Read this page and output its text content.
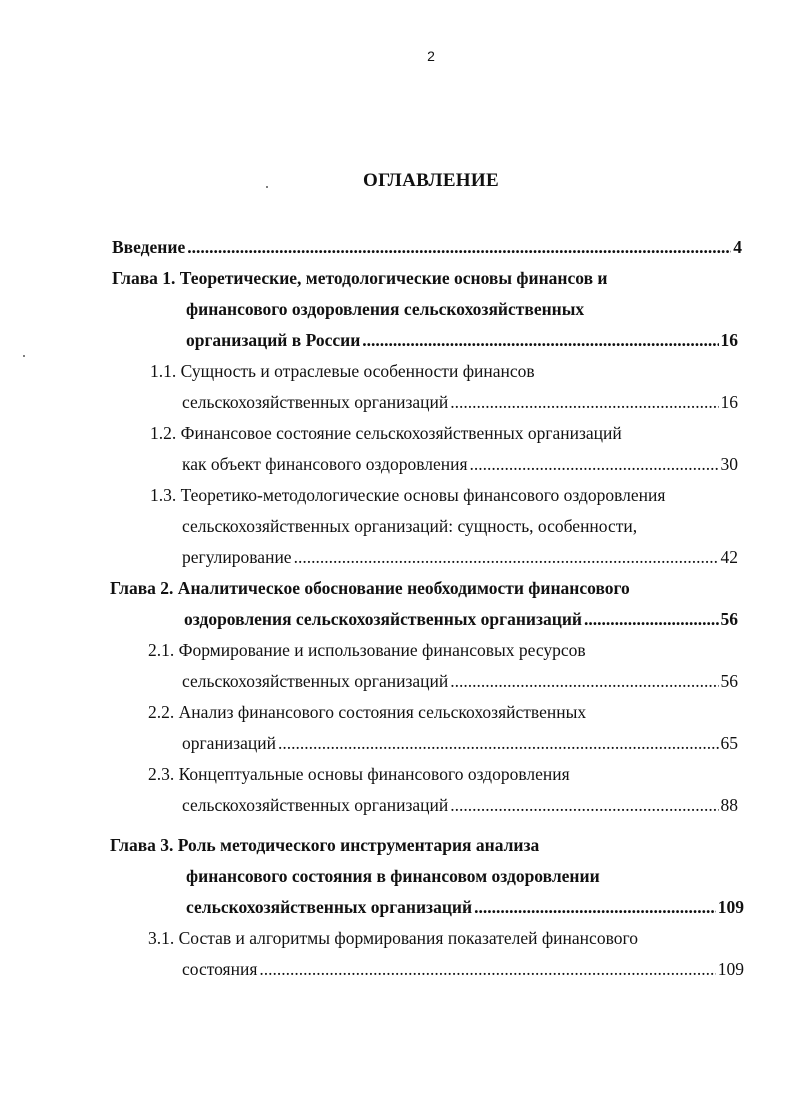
2
ОГЛАВЛЕНИЕ
Введение .....	4
Глава 1. Теоретические, методологические основы финансов и
финансового оздоровления сельскохозяйственных
организаций в России .....	16
1.1. Сущность и отраслевые особенности финансов
сельскохозяйственных организаций .....	16
1.2. Финансовое состояние сельскохозяйственных организаций
как объект финансового оздоровления .....	30
1.3. Теоретико-методологические основы финансового оздоровления
сельскохозяйственных организаций: сущность, особенности,
регулирование .....	42
Глава 2. Аналитическое обоснование необходимости финансового
оздоровления сельскохозяйственных организаций .....	56
2.1. Формирование и использование финансовых ресурсов
сельскохозяйственных организаций .....	56
2.2. Анализ финансового состояния сельскохозяйственных
организаций .....	65
2.3. Концептуальные основы финансового оздоровления
сельскохозяйственных организаций .....	88
Глава 3. Роль методического инструментария анализа
финансового состояния в финансовом оздоровлении
сельскохозяйственных организаций .....	109
3.1. Состав и алгоритмы формирования показателей финансового
состояния .....	109
